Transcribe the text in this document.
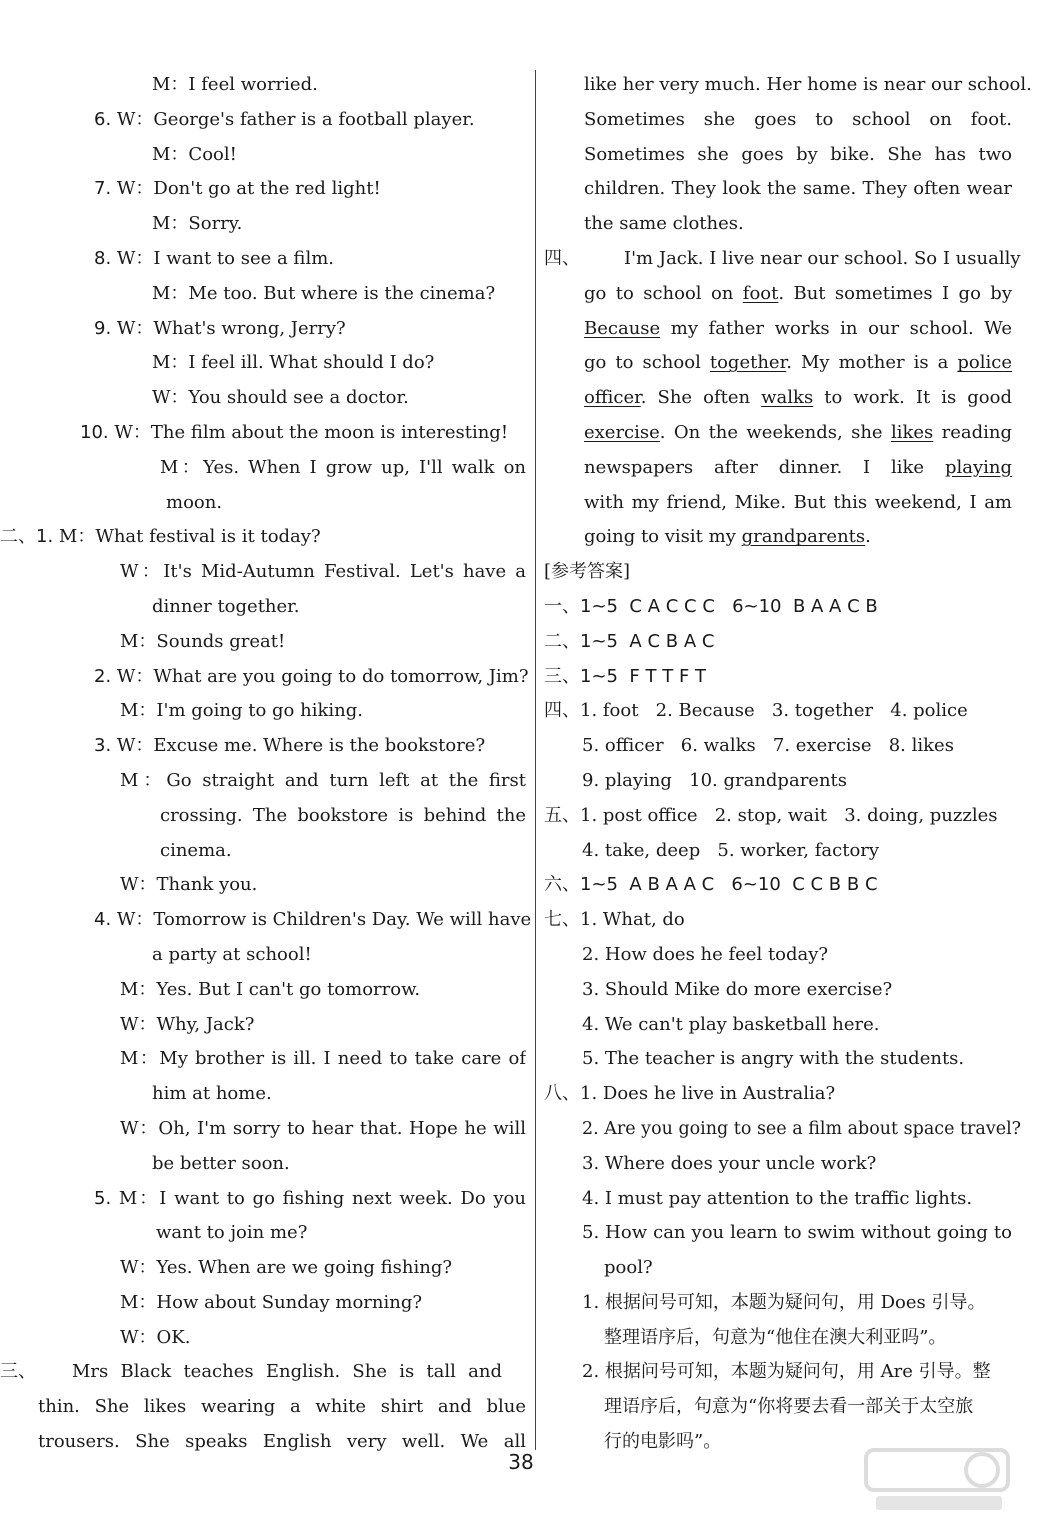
M：I feel worried.
6. W：George's father is a football player.
M：Cool!
7. W：Don't go at the red light!
M：Sorry.
8. W：I want to see a film.
M：Me too. But where is the cinema?
9. W：What's wrong, Jerry?
M：I feel ill. What should I do?
W：You should see a doctor.
10. W：The film about the moon is interesting!
M：Yes. When I grow up, I'll walk on
moon.
二、1. M：What festival is it today?
W：It's Mid-Autumn Festival. Let's have a
dinner together.
M：Sounds great!
2. W：What are you going to do tomorrow, Jim?
M：I'm going to go hiking.
3. W：Excuse me. Where is the bookstore?
M：Go straight and turn left at the first
crossing. The bookstore is behind the
cinema.
W：Thank you.
4. W：Tomorrow is Children's Day. We will have
a party at school!
M：Yes. But I can't go tomorrow.
W：Why, Jack?
M：My brother is ill. I need to take care of
him at home.
W：Oh, I'm sorry to hear that. Hope he will
be better soon.
5. M：I want to go fishing next week. Do you
want to join me?
W：Yes. When are we going fishing?
M：How about Sunday morning?
W：OK.
三、 Mrs Black teaches English. She is tall and
thin. She likes wearing a white shirt and blue
trousers. She speaks English very well. We all
like her very much. Her home is near our school.
Sometimes she goes to school on foot.
Sometimes she goes by bike. She has two
children. They look the same. They often wear
the same clothes.
四、 I'm Jack. I live near our school. So I usually
go to school on foot. But sometimes I go by
Because my father works in our school. We
go to school together. My mother is a police
officer. She often walks to work. It is good
exercise. On the weekends, she likes reading
newspapers after dinner. I like playing
with my friend, Mike. But this weekend, I am
going to visit my grandparents.
[参考答案]
一、1~5  C A C C C   6~10  B A A C B
二、1~5  A C B A C
三、1~5  F T T F T
四、1. foot   2. Because   3. together   4. police
5. officer   6. walks   7. exercise   8. likes
9. playing   10. grandparents
五、1. post office   2. stop, wait   3. doing, puzzles
4. take, deep   5. worker, factory
六、1~5  A B A A C   6~10  C C B B C
七、1. What, do
2. How does he feel today?
3. Should Mike do more exercise?
4. We can't play basketball here.
5. The teacher is angry with the students.
八、1. Does he live in Australia?
2. Are you going to see a film about space travel?
3. Where does your uncle work?
4. I must pay attention to the traffic lights.
5. How can you learn to swim without going to
pool?
1. 根据问号可知，本题为疑问句，用 Does 引导。
整理语序后，句意为“他住在澳大利亚吗”。
2. 根据问号可知，本题为疑问句，用 Are 引导。整
理语序后，句意为“你将要去看一部关于太空旅
行的电影吗”。
38
